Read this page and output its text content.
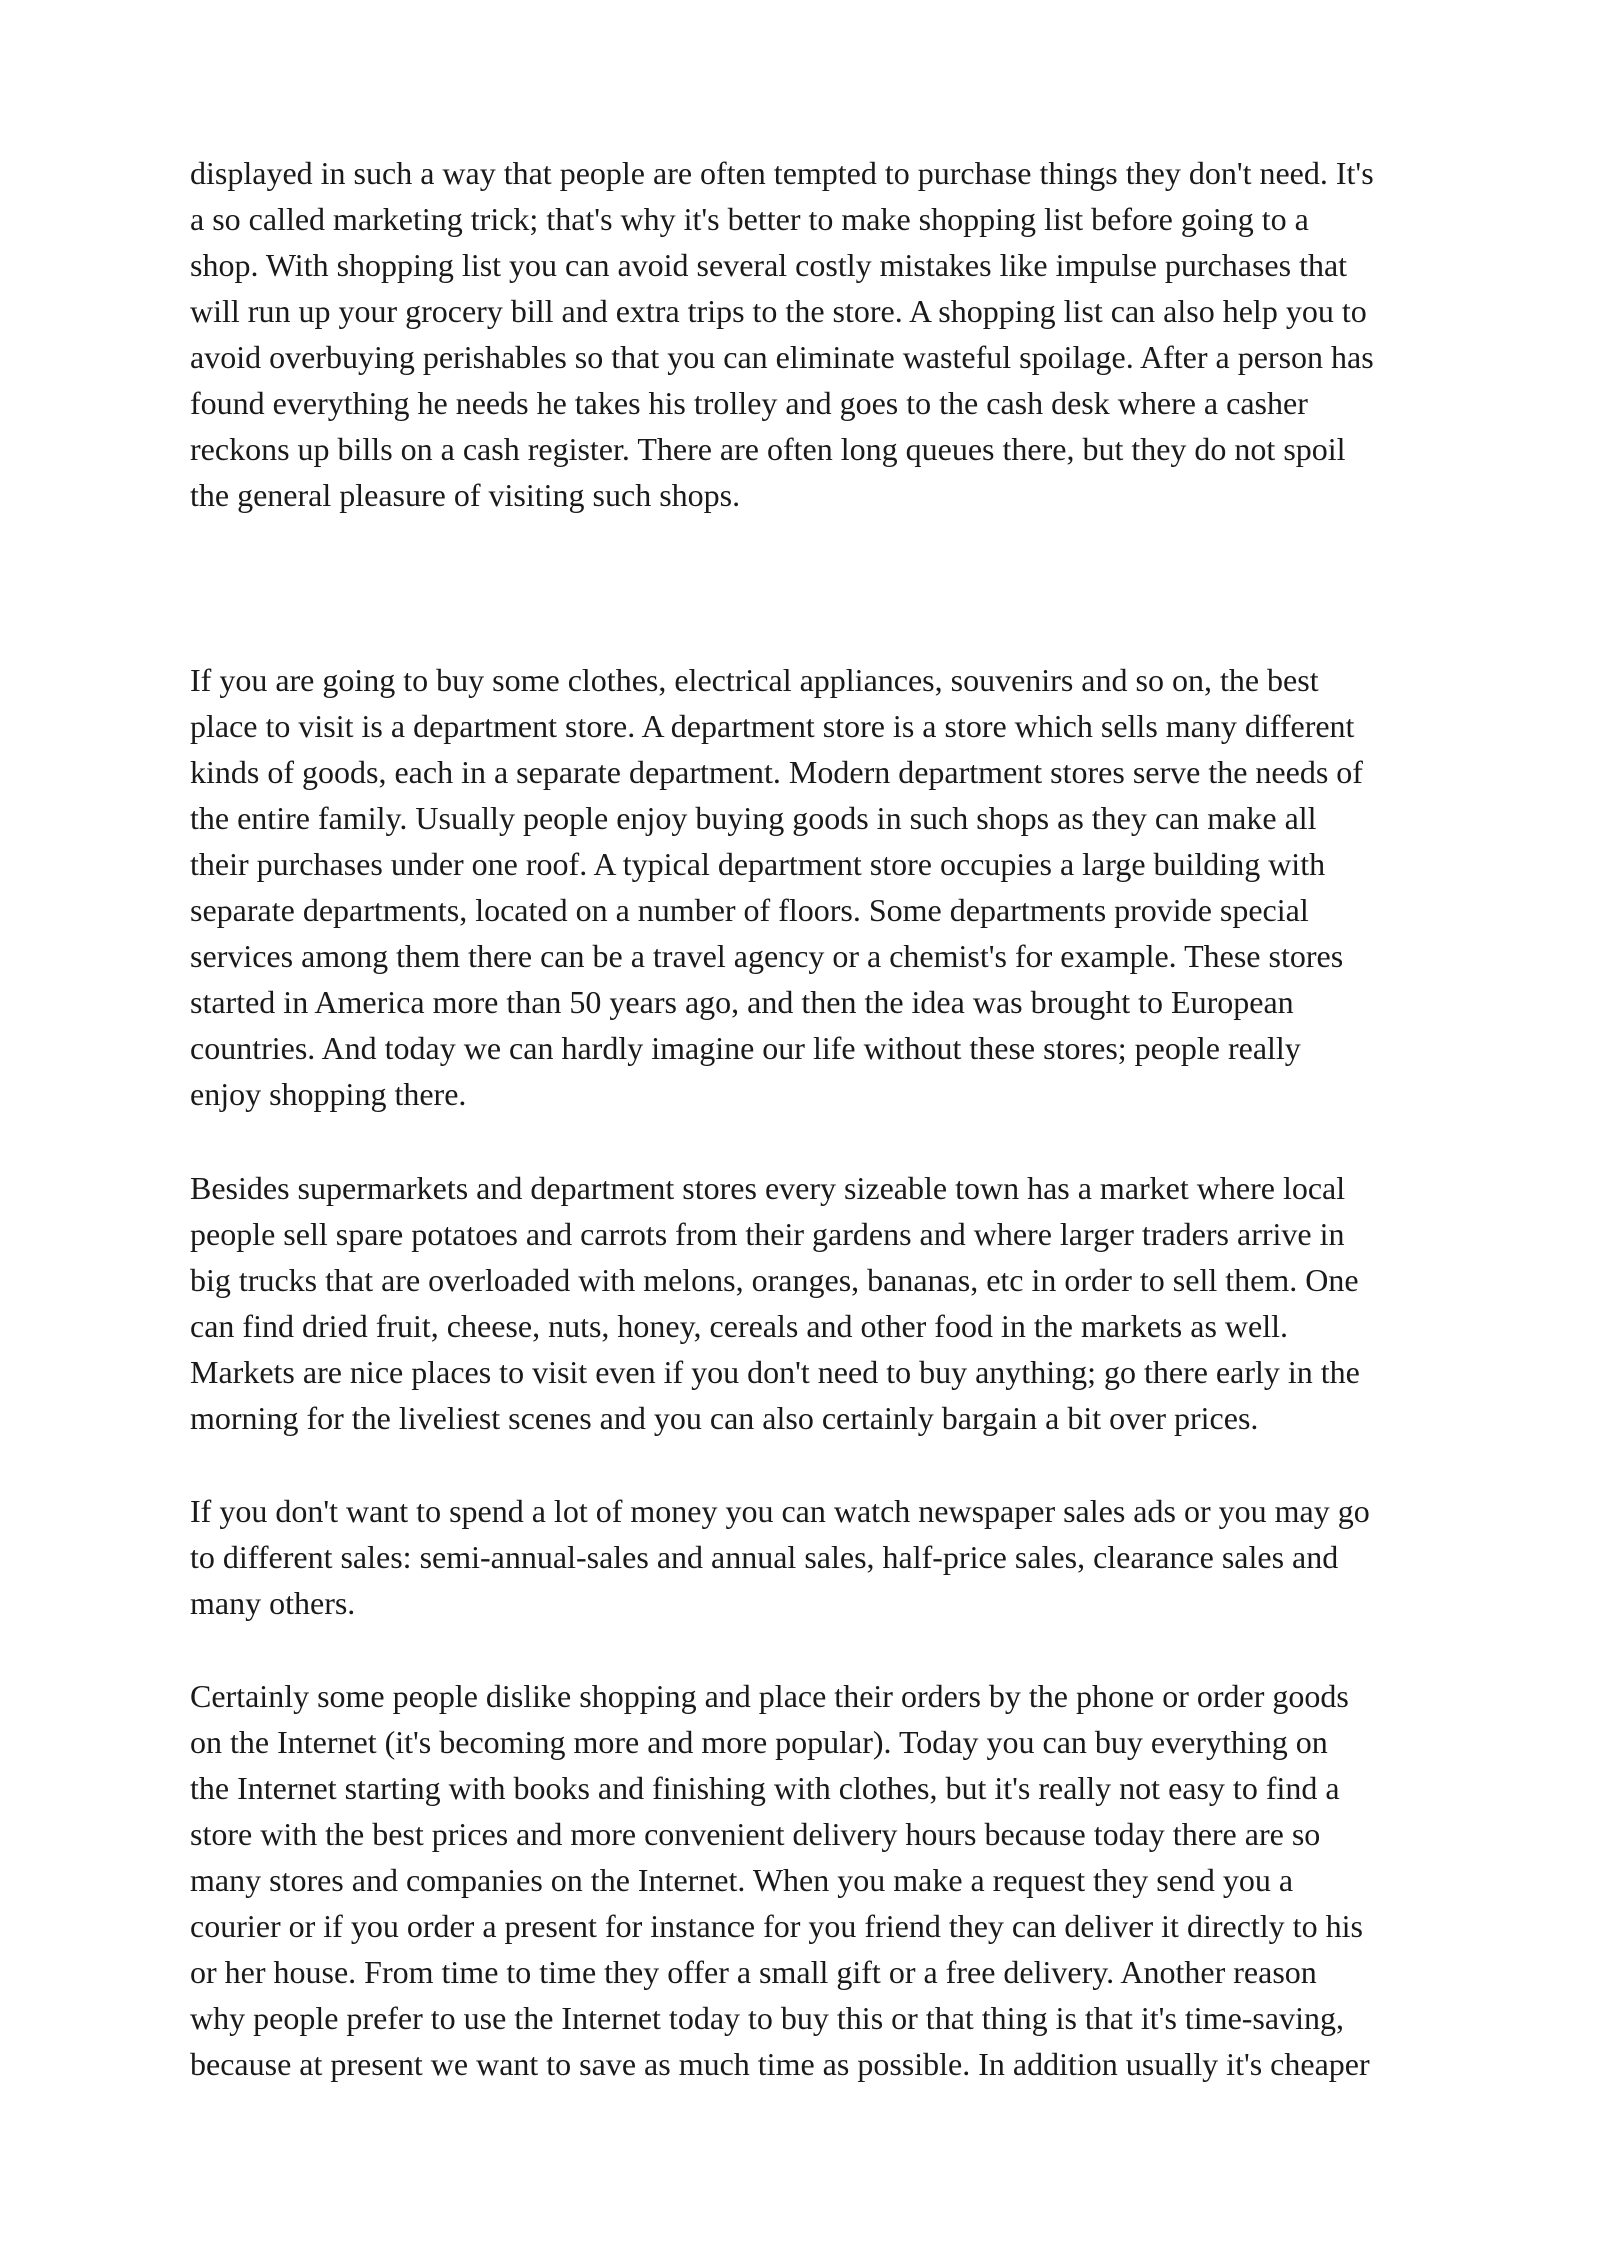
displayed in such a way that people are often tempted to purchase things they don't need. It's
a so called marketing trick; that's why it's better to make shopping list before going to a
shop. With shopping list you can avoid several costly mistakes like impulse purchases that
will run up your grocery bill and extra trips to the store. A shopping list can also help you to
avoid overbuying perishables so that you can eliminate wasteful spoilage. After a person has
found everything he needs he takes his trolley and goes to the cash desk where a casher
reckons up bills on a cash register. There are often long queues there, but they do not spoil
the general pleasure of visiting such shops.
If you are going to buy some clothes, electrical appliances, souvenirs and so on, the best
place to visit is a department store. A department store is a store which sells many different
kinds of goods, each in a separate department. Modern department stores serve the needs of
the entire family. Usually people enjoy buying goods in such shops as they can make all
their purchases under one roof. A typical department store occupies a large building with
separate departments, located on a number of floors. Some departments provide special
services among them there can be a travel agency or a chemist's for example. These stores
started in America more than 50 years ago, and then the idea was brought to European
countries. And today we can hardly imagine our life without these stores; people really
enjoy shopping there.
Besides supermarkets and department stores every sizeable town has a market where local
people sell spare potatoes and carrots from their gardens and where larger traders arrive in
big trucks that are overloaded with melons, oranges, bananas, etc in order to sell them. One
can find dried fruit, cheese, nuts, honey, cereals and other food in the markets as well.
Markets are nice places to visit even if you don't need to buy anything; go there early in the
morning for the liveliest scenes and you can also certainly bargain a bit over prices.
If you don't want to spend a lot of money you can watch newspaper sales ads or you may go
to different sales: semi-annual-sales and annual sales, half-price sales, clearance sales and
many others.
Certainly some people dislike shopping and place their orders by the phone or order goods
on the Internet (it's becoming more and more popular). Today you can buy everything on
the Internet starting with books and finishing with clothes, but it's really not easy to find a
store with the best prices and more convenient delivery hours because today there are so
many stores and companies on the Internet. When you make a request they send you a
courier or if you order a present for instance for you friend they can deliver it directly to his
or her house. From time to time they offer a small gift or a free delivery. Another reason
why people prefer to use the Internet today to buy this or that thing is that it's time-saving,
because at present we want to save as much time as possible. In addition usually it's cheaper
